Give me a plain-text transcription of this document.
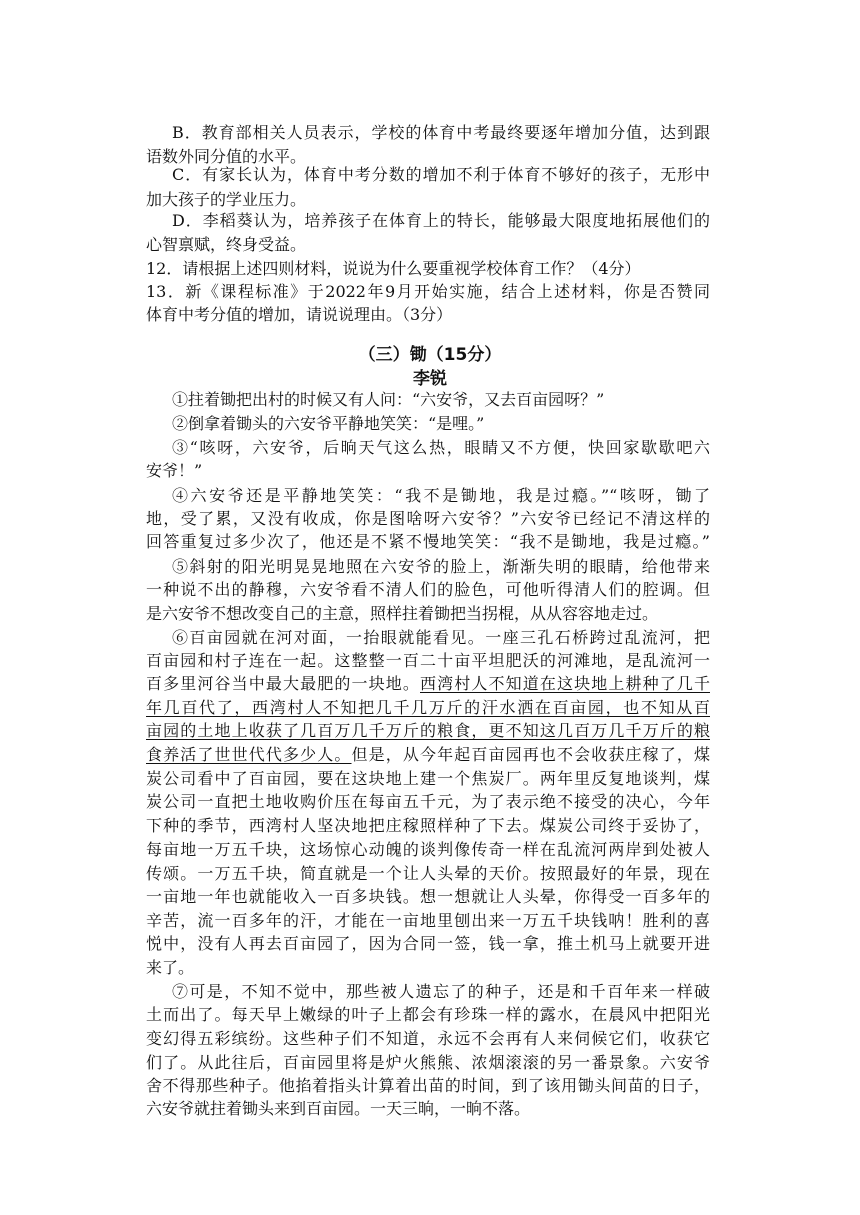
B．教育部相关人员表示，学校的体育中考最终要逐年增加分值，达到跟
语数外同分值的水平。
C．有家长认为，体育中考分数的增加不利于体育不够好的孩子，无形中
加大孩子的学业压力。
D．李稻葵认为，培养孩子在体育上的特长，能够最大限度地拓展他们的
心智禀赋，终身受益。
12．请根据上述四则材料，说说为什么要重视学校体育工作？（4分）
13．新《课程标准》于2022年9月开始实施，结合上述材料，你是否赞同
体育中考分值的增加，请说说理由。（3分）
（三）锄（15分）
李锐
①拄着锄把出村的时候又有人问：“六安爷，又去百亩园呀？”
②倒拿着锄头的六安爷平静地笑笑：“是哩。”
③“咳呀，六安爷，后晌天气这么热，眼睛又不方便，快回家歇歇吧六
安爷！”
④六安爷还是平静地笑笑：“我不是锄地，我是过瘾。”“咳呀，锄了
地，受了累，又没有收成，你是图啥呀六安爷？”六安爷已经记不清这样的
回答重复过多少次了，他还是不紧不慢地笑笑：“我不是锄地，我是过瘾。”
⑤斜射的阳光明晃晃地照在六安爷的脸上，渐渐失明的眼睛，给他带来
一种说不出的静穆，六安爷看不清人们的脸色，可他听得清人们的腔调。但
是六安爷不想改变自己的主意，照样拄着锄把当拐棍，从从容容地走过。
⑥百亩园就在河对面，一抬眼就能看见。一座三孔石桥跨过乱流河，把
百亩园和村子连在一起。这整整一百二十亩平坦肥沃的河滩地，是乱流河一
百多里河谷当中最大最肥的一块地。西湾村人不知道在这块地上耕种了几千
年几百代了，西湾村人不知把几千几万斤的汗水洒在百亩园，也不知从百
亩园的土地上收获了几百万几千万斤的粮食，更不知这几百万几千万斤的粮
食养活了世世代代多少人。但是，从今年起百亩园再也不会收获庄稼了，煤
炭公司看中了百亩园，要在这块地上建一个焦炭厂。两年里反复地谈判，煤
炭公司一直把土地收购价压在每亩五千元，为了表示绝不接受的决心，今年
下种的季节，西湾村人坚决地把庄稼照样种了下去。煤炭公司终于妥协了，
每亩地一万五千块，这场惊心动魄的谈判像传奇一样在乱流河两岸到处被人
传颂。一万五千块，简直就是一个让人头晕的天价。按照最好的年景，现在
一亩地一年也就能收入一百多块钱。想一想就让人头晕，你得受一百多年的
辛苦，流一百多年的汗，才能在一亩地里刨出来一万五千块钱呐！胜利的喜
悦中，没有人再去百亩园了，因为合同一签，钱一拿，推土机马上就要开进
来了。
⑦可是，不知不觉中，那些被人遗忘了的种子，还是和千百年来一样破
土而出了。每天早上嫩绿的叶子上都会有珍珠一样的露水，在晨风中把阳光
变幻得五彩缤纷。这些种子们不知道，永远不会再有人来伺候它们，收获它
们了。从此往后，百亩园里将是炉火熊熊、浓烟滚滚的另一番景象。六安爷
舍不得那些种子。他掐着指头计算着出苗的时间，到了该用锄头间苗的日子，
六安爷就拄着锄头来到百亩园。一天三晌，一晌不落。
